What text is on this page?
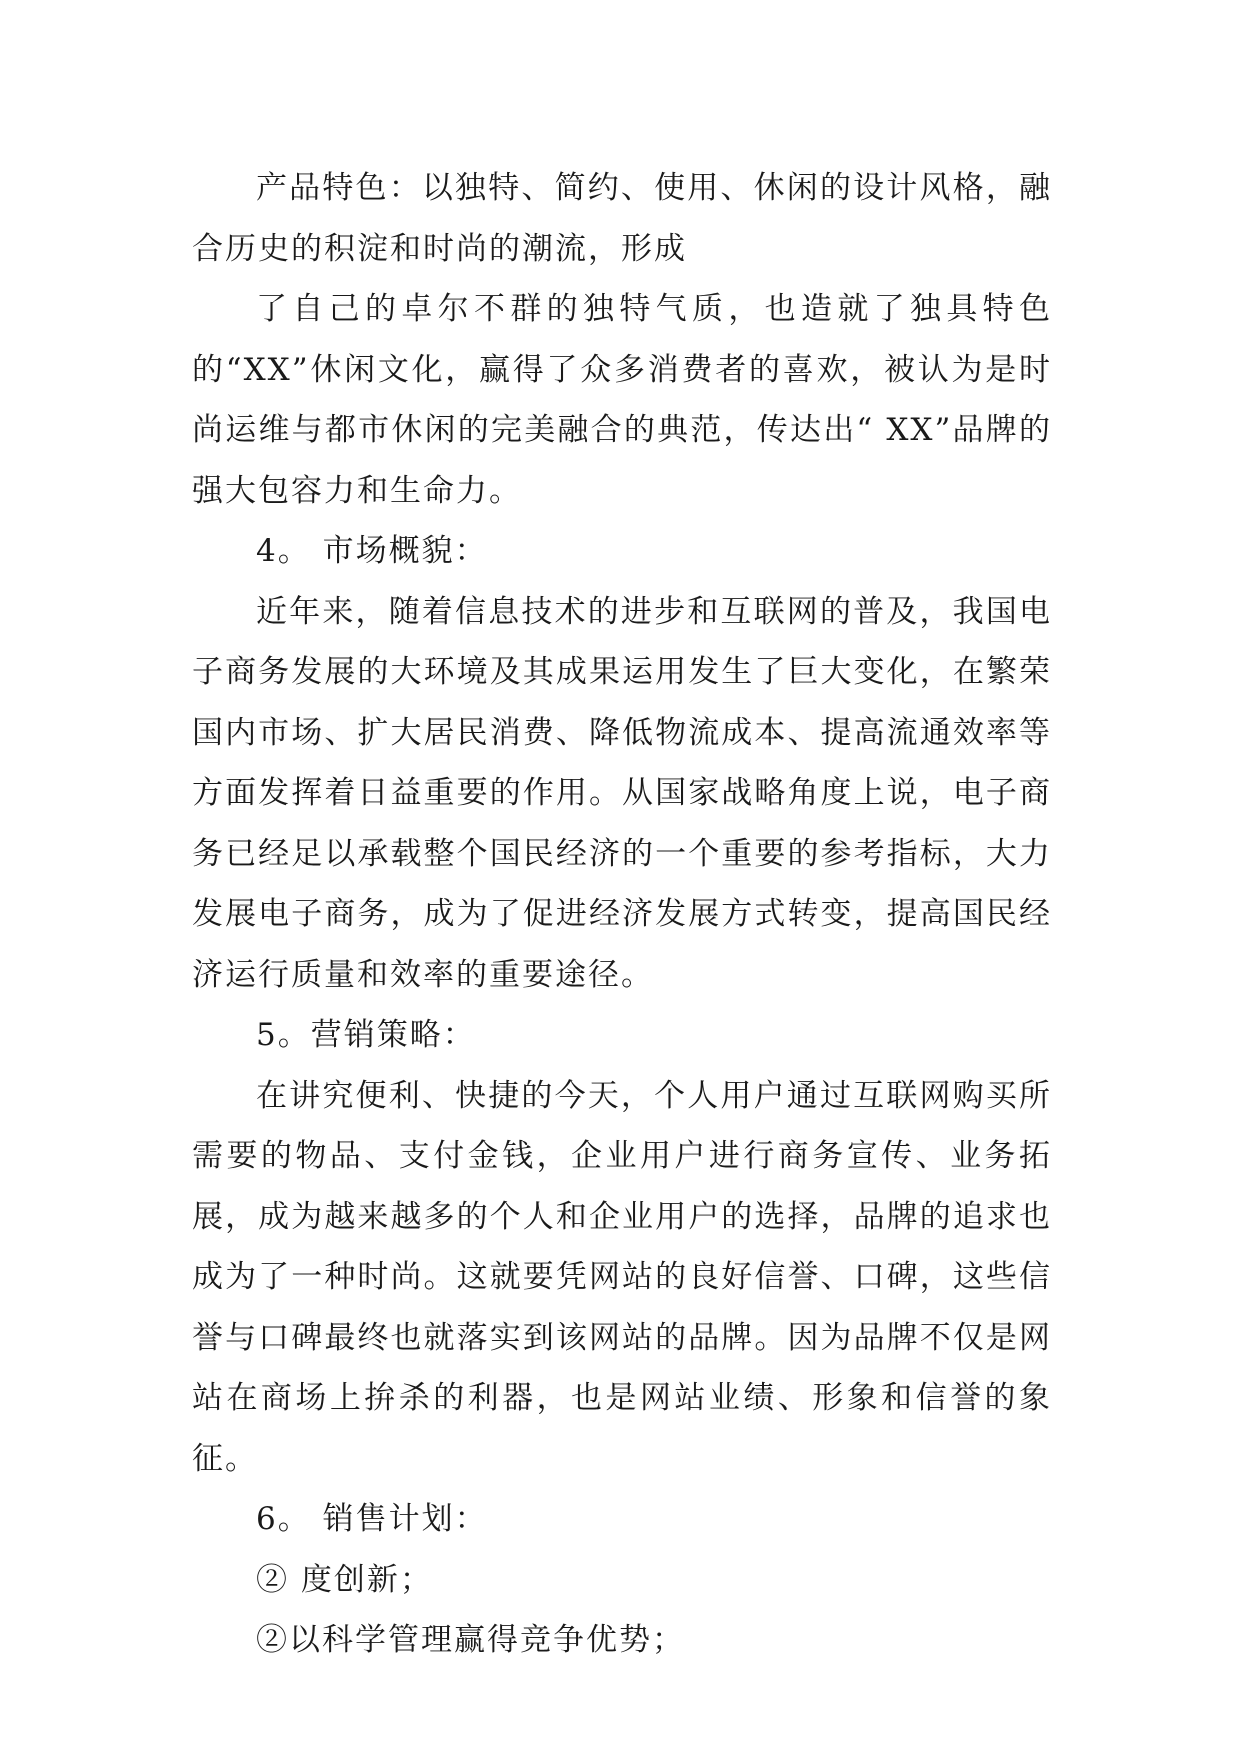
产品特色：以独特、简约、使用、休闲的设计风格，融合历史的积淀和时尚的潮流，形成

了自己的卓尔不群的独特气质，也造就了独具特色的“XX”休闲文化，赢得了众多消费者的喜欢，被认为是时尚运维与都市休闲的完美融合的典范，传达出“ XX”品牌的强大包容力和生命力。

4。 市场概貌：

近年来，随着信息技术的进步和互联网的普及，我国电子商务发展的大环境及其成果运用发生了巨大变化，在繁荣国内市场、扩大居民消费、降低物流成本、提高流通效率等方面发挥着日益重要的作用。从国家战略角度上说，电子商务已经足以承载整个国民经济的一个重要的参考指标，大力发展电子商务，成为了促进经济发展方式转变，提高国民经济运行质量和效率的重要途径。

5。营销策略：

在讲究便利、快捷的今天，个人用户通过互联网购买所需要的物品、支付金钱，企业用户进行商务宣传、业务拓展，成为越来越多的个人和企业用户的选择，品牌的追求也成为了一种时尚。这就要凭网站的良好信誉、口碑，这些信誉与口碑最终也就落实到该网站的品牌。因为品牌不仅是网站在商场上拚杀的利器，也是网站业绩、形象和信誉的象征。

6。 销售计划：

② 度创新；

②以科学管理赢得竞争优势；
